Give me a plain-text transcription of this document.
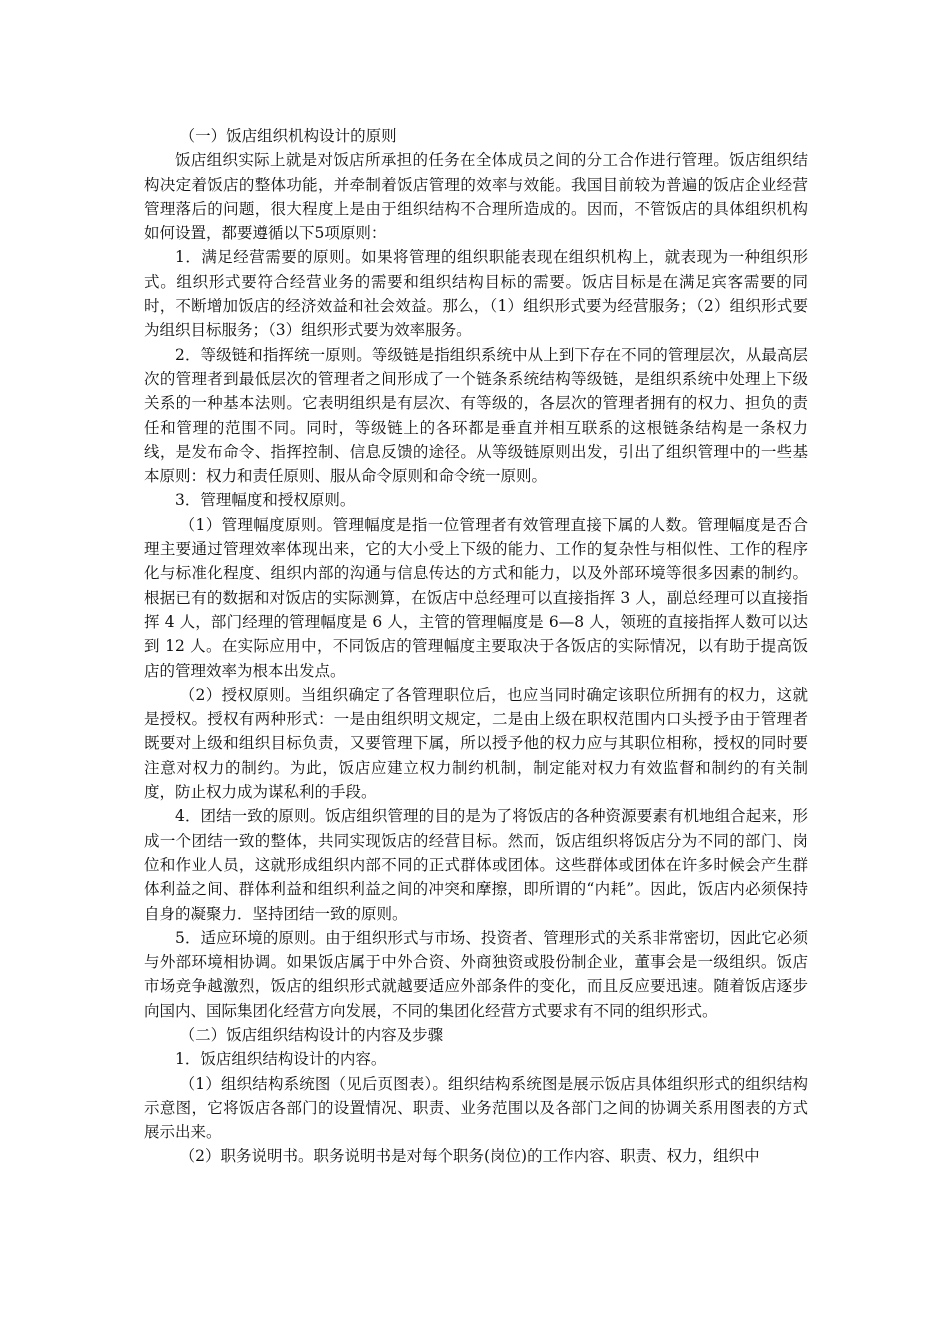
（一）饭店组织机构设计的原则

饭店组织实际上就是对饭店所承担的任务在全体成员之间的分工合作进行管理。饭店组织结构决定着饭店的整体功能，并牵制着饭店管理的效率与效能。我国目前较为普遍的饭店企业经营管理落后的问题，很大程度上是由于组织结构不合理所造成的。因而，不管饭店的具体组织机构如何设置，都要遵循以下5项原则：

1．满足经营需要的原则。如果将管理的组织职能表现在组织机构上，就表现为一种组织形式。组织形式要符合经营业务的需要和组织结构目标的需要。饭店目标是在满足宾客需要的同时，不断增加饭店的经济效益和社会效益。那么，（1）组织形式要为经营服务；（2）组织形式要为组织目标服务；（3）组织形式要为效率服务。

2．等级链和指挥统一原则。等级链是指组织系统中从上到下存在不同的管理层次，从最高层次的管理者到最低层次的管理者之间形成了一个链条系统结构等级链，是组织系统中处理上下级关系的一种基本法则。它表明组织是有层次、有等级的，各层次的管理者拥有的权力、担负的责任和管理的范围不同。同时，等级链上的各环都是垂直并相互联系的这根链条结构是一条权力线，是发布命令、指挥控制、信息反馈的途径。从等级链原则出发，引出了组织管理中的一些基本原则：权力和责任原则、服从命令原则和命令统一原则。

3．管理幅度和授权原则。

（1）管理幅度原则。管理幅度是指一位管理者有效管理直接下属的人数。管理幅度是否合理主要通过管理效率体现出来，它的大小受上下级的能力、工作的复杂性与相似性、工作的程序化与标准化程度、组织内部的沟通与信息传达的方式和能力，以及外部环境等很多因素的制约。根据已有的数据和对饭店的实际测算，在饭店中总经理可以直接指挥 3 人，副总经理可以直接指挥 4 人，部门经理的管理幅度是 6 人，主管的管理幅度是 6—8 人，领班的直接指挥人数可以达到 12 人。在实际应用中，不同饭店的管理幅度主要取决于各饭店的实际情况，以有助于提高饭店的管理效率为根本出发点。

（2）授权原则。当组织确定了各管理职位后，也应当同时确定该职位所拥有的权力，这就是授权。授权有两种形式：一是由组织明文规定，二是由上级在职权范围内口头授予由于管理者既要对上级和组织目标负责，又要管理下属，所以授予他的权力应与其职位相称，授权的同时要注意对权力的制约。为此，饭店应建立权力制约机制，制定能对权力有效监督和制约的有关制度，防止权力成为谋私利的手段。

4．团结一致的原则。饭店组织管理的目的是为了将饭店的各种资源要素有机地组合起来，形成一个团结一致的整体，共同实现饭店的经营目标。然而，饭店组织将饭店分为不同的部门、岗位和作业人员，这就形成组织内部不同的正式群体或团体。这些群体或团体在许多时候会产生群体利益之间、群体利益和组织利益之间的冲突和摩擦，即所谓的“内耗”。因此，饭店内必须保持自身的凝聚力．坚持团结一致的原则。

5．适应环境的原则。由于组织形式与市场、投资者、管理形式的关系非常密切，因此它必须与外部环境相协调。如果饭店属于中外合资、外商独资或股份制企业，董事会是一级组织。饭店市场竞争越激烈，饭店的组织形式就越要适应外部条件的变化，而且反应要迅速。随着饭店逐步向国内、国际集团化经营方向发展，不同的集团化经营方式要求有不同的组织形式。

（二）饭店组织结构设计的内容及步骤

1．饭店组织结构设计的内容。

（1）组织结构系统图（见后页图表）。组织结构系统图是展示饭店具体组织形式的组织结构示意图，它将饭店各部门的设置情况、职责、业务范围以及各部门之间的协调关系用图表的方式展示出来。

（2）职务说明书。职务说明书是对每个职务(岗位)的工作内容、职责、权力，组织中
